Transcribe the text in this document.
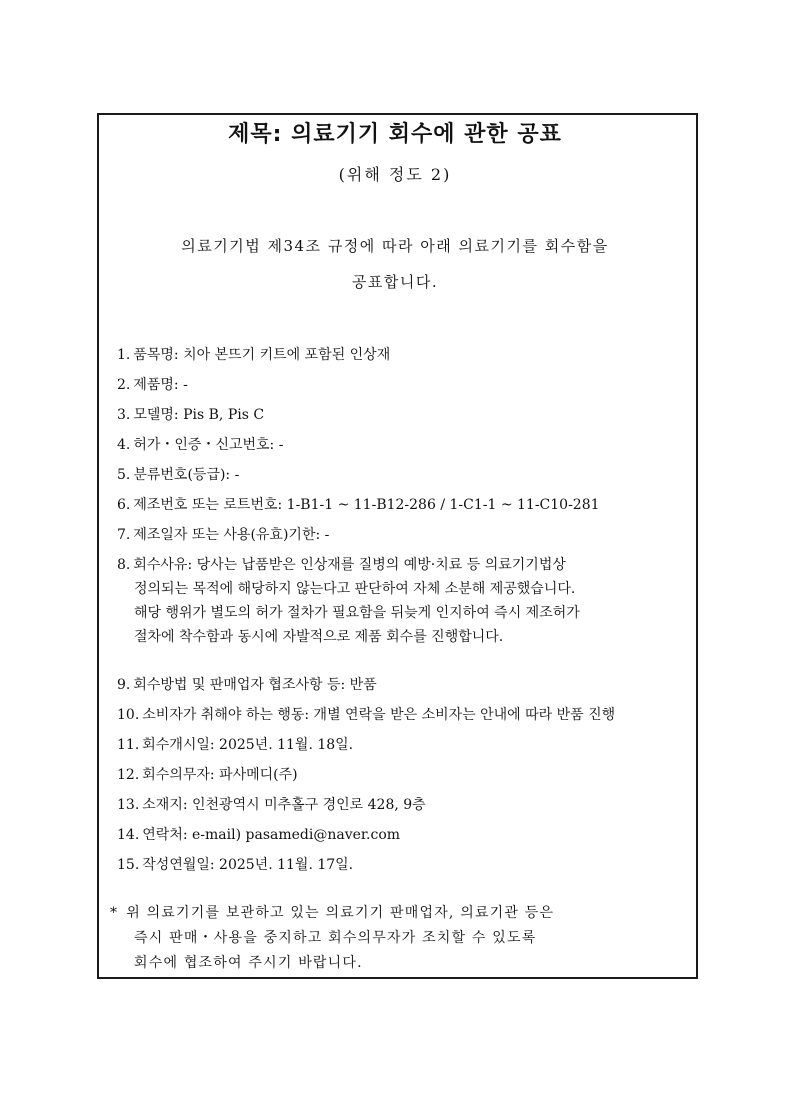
제목: 의료기기 회수에 관한 공표
(위해 정도 2)
의료기기법 제34조 규정에 따라 아래 의료기기를 회수함을
공표합니다.
1. 품목명: 치아 본뜨기 키트에 포함된 인상재
2. 제품명: -
3. 모델명: Pis B, Pis C
4. 허가・인증・신고번호: -
5. 분류번호(등급): -
6. 제조번호 또는 로트번호: 1-B1-1 ~ 11-B12-286 / 1-C1-1 ~ 11-C10-281
7. 제조일자 또는 사용(유효)기한: -
8. 회수사유: 당사는 납품받은 인상재를 질병의 예방·치료 등 의료기기법상
정의되는 목적에 해당하지 않는다고 판단하여 자체 소분해 제공했습니다.
해당 행위가 별도의 허가 절차가 필요함을 뒤늦게 인지하여 즉시 제조허가
절차에 착수함과 동시에 자발적으로 제품 회수를 진행합니다.
9. 회수방법 및 판매업자 협조사항 등: 반품
10. 소비자가 취해야 하는 행동: 개별 연락을 받은 소비자는 안내에 따라 반품 진행
11. 회수개시일: 2025년. 11월. 18일.
12. 회수의무자: 파사메디(주)
13. 소재지: 인천광역시 미추홀구 경인로 428, 9층
14. 연락처: e-mail) pasamedi@naver.com
15. 작성연월일: 2025년. 11월. 17일.
* 위 의료기기를 보관하고 있는 의료기기 판매업자, 의료기관 등은
즉시 판매・사용을 중지하고 회수의무자가 조치할 수 있도록
회수에 협조하여 주시기 바랍니다.
